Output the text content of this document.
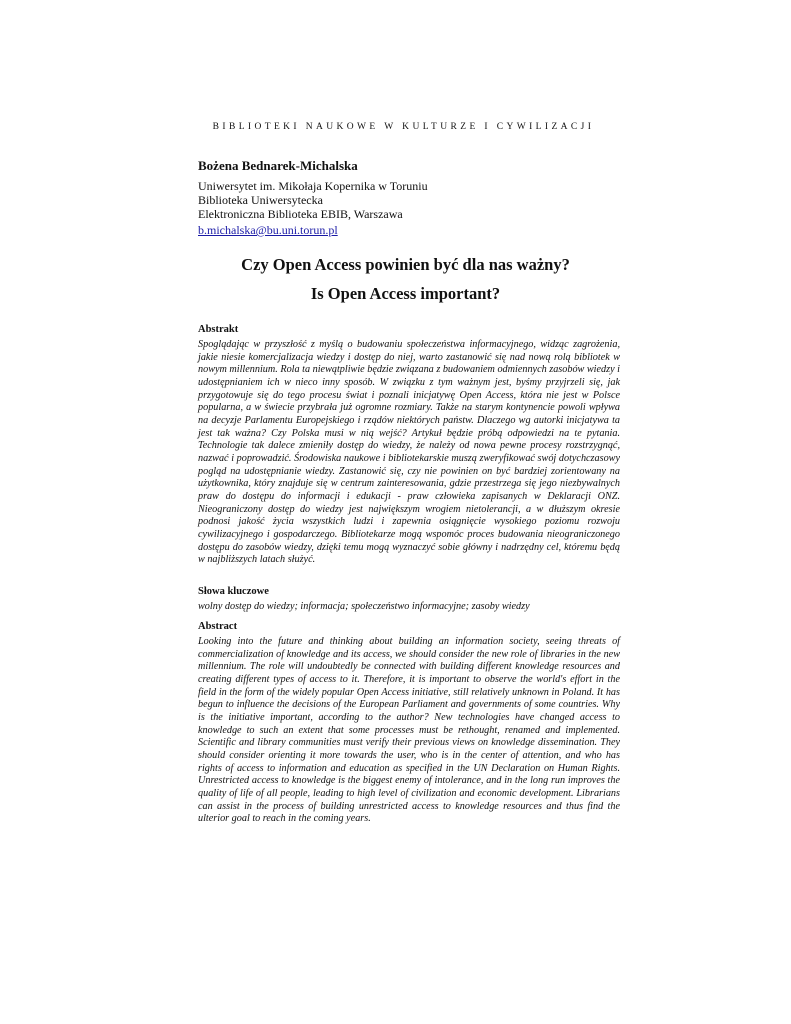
BIBLIOTEKI NAUKOWE W KULTURZE I CYWILIZACJI

Bożena Bednarek-Michalska

Uniwersytet im. Mikołaja Kopernika w Toruniu

Biblioteka Uniwersytecka

Elektroniczna Biblioteka EBIB, Warszawa

b.michalska@bu.uni.torun.pl
Czy Open Access powinien być dla nas ważny?
Is Open Access important?

Abstrakt

Spoglądając w przyszłość z myślą o budowaniu społeczeństwa informacyjnego, widząc zagrożenia, jakie niesie komercjalizacja wiedzy i dostęp do niej, warto zastanowić się nad nową rolą bibliotek w nowym millennium. Rola ta niewątpliwie będzie związana z budowaniem odmiennych zasobów wiedzy i udostępnianiem ich w nieco inny sposób. W związku z tym ważnym jest, byśmy przyjrzeli się, jak przygotowuje się do tego procesu świat i poznali inicjatywę Open Access, która nie jest w Polsce popularna, a w świecie przybrała już ogromne rozmiary. Także na starym kontynencie powoli wpływa na decyzje Parlamentu Europejskiego i rządów niektórych państw. Dlaczego wg autorki inicjatywa ta jest tak ważna? Czy Polska musi w nią wejść? Artykuł będzie próbą odpowiedzi na te pytania. Technologie tak dalece zmieniły dostęp do wiedzy, że należy od nowa pewne procesy rozstrzygnąć, nazwać i poprowadzić. Środowiska naukowe i bibliotekarskie muszą zweryfikować swój dotychczasowy pogląd na udostępnianie wiedzy. Zastanowić się, czy nie powinien on być bardziej zorientowany na użytkownika, który znajduje się w centrum zainteresowania, gdzie przestrzega się jego niezbywalnych praw do dostępu do informacji i edukacji - praw człowieka zapisanych w Deklaracji ONZ. Nieograniczony dostęp do wiedzy jest największym wrogiem nietolerancji, a w dłuższym okresie podnosi jakość życia wszystkich ludzi i zapewnia osiągnięcie wysokiego poziomu rozwoju cywilizacyjnego i gospodarczego. Bibliotekarze mogą wspomóc proces budowania nieograniczonego dostępu do zasobów wiedzy, dzięki temu mogą wyznaczyć sobie główny i nadrzędny cel, któremu będą w najbliższych latach służyć.

Słowa kluczowe

wolny dostęp do wiedzy; informacja; społeczeństwo informacyjne; zasoby wiedzy

Abstract

Looking into the future and thinking about building an information society, seeing threats of commercialization of knowledge and its access, we should consider the new role of libraries in the new millennium. The role will undoubtedly be connected with building different knowledge resources and creating different types of access to it. Therefore, it is important to observe the world's effort in the field in the form of the widely popular Open Access initiative, still relatively unknown in Poland. It has begun to influence the decisions of the European Parliament and governments of some countries. Why is the initiative important, according to the author? New technologies have changed access to knowledge to such an extent that some processes must be rethought, renamed and implemented. Scientific and library communities must verify their previous views on knowledge dissemination. They should consider orienting it more towards the user, who is in the center of attention, and who has rights of access to information and education as specified in the UN Declaration on Human Rights. Unrestricted access to knowledge is the biggest enemy of intolerance, and in the long run improves the quality of life of all people, leading to high level of civilization and economic development. Librarians can assist in the process of building unrestricted access to knowledge resources and thus find the ulterior goal to reach in the coming years.
